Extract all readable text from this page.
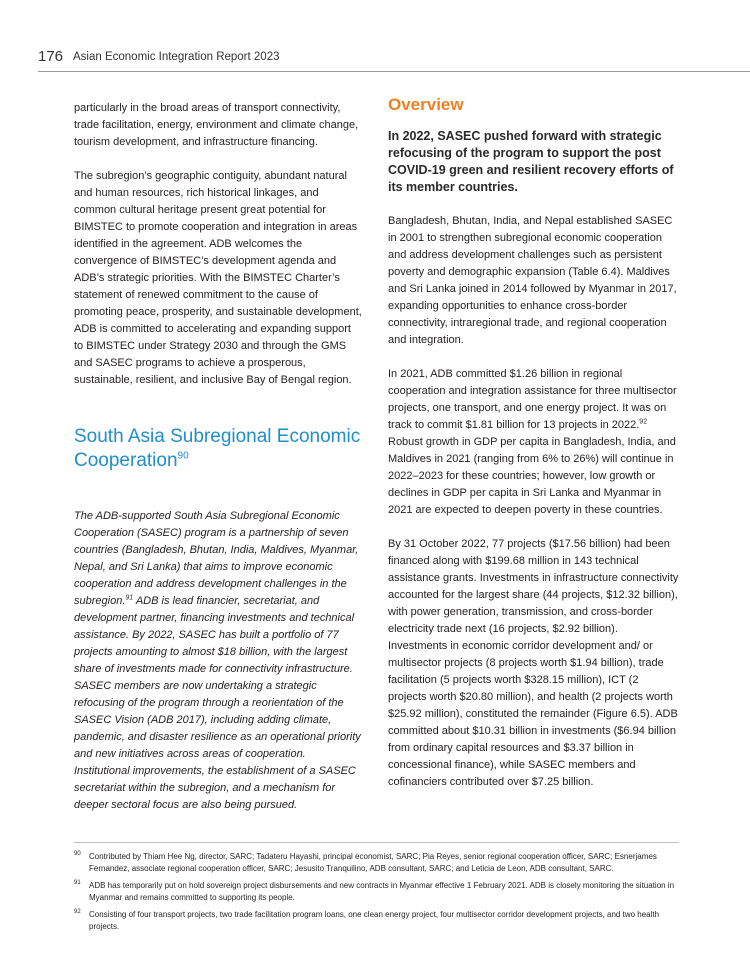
176 Asian Economic Integration Report 2023

particularly in the broad areas of transport connectivity, trade facilitation, energy, environment and climate change, tourism development, and infrastructure financing.

The subregion’s geographic contiguity, abundant natural and human resources, rich historical linkages, and common cultural heritage present great potential for BIMSTEC to promote cooperation and integration in areas identified in the agreement. ADB welcomes the convergence of BIMSTEC’s development agenda and ADB’s strategic priorities. With the BIMSTEC Charter’s statement of renewed commitment to the cause of promoting peace, prosperity, and sustainable development, ADB is committed to accelerating and expanding support to BIMSTEC under Strategy 2030 and through the GMS and SASEC programs to achieve a prosperous, sustainable, resilient, and inclusive Bay of Bengal region.

South Asia Subregional Economic Cooperation$^{90}$

The ADB-supported South Asia Subregional Economic Cooperation (SASEC) program is a partnership of seven countries (Bangladesh, Bhutan, India, Maldives, Myanmar, Nepal, and Sri Lanka) that aims to improve economic cooperation and address development challenges in the subregion.$^{91}$ ADB is lead financier, secretariat, and development partner, financing investments and technical assistance. By 2022, SASEC has built a portfolio of 77 projects amounting to almost $18 billion, with the largest share of investments made for connectivity infrastructure. SASEC members are now undertaking a strategic refocusing of the program through a reorientation of the SASEC Vision (ADB 2017), including adding climate, pandemic, and disaster resilience as an operational priority and new initiatives across areas of cooperation. Institutional improvements, the establishment of a SASEC secretariat within the subregion, and a mechanism for deeper sectoral focus are also being pursued.

Overview

In 2022, SASEC pushed forward with strategic refocusing of the program to support the post COVID-19 green and resilient recovery efforts of its member countries.

Bangladesh, Bhutan, India, and Nepal established SASEC in 2001 to strengthen subregional economic cooperation and address development challenges such as persistent poverty and demographic expansion (Table 6.4). Maldives and Sri Lanka joined in 2014 followed by Myanmar in 2017, expanding opportunities to enhance cross-border connectivity, intraregional trade, and regional cooperation and integration.

In 2021, ADB committed $1.26 billion in regional cooperation and integration assistance for three multisector projects, one transport, and one energy project. It was on track to commit $1.81 billion for 13 projects in 2022.92 Robust growth in GDP per capita in Bangladesh, India, and Maldives in 2021 (ranging from 6% to 26%) will continue in 2022–2023 for these countries; however, low growth or declines in GDP per capita in Sri Lanka and Myanmar in 2021 are expected to deepen poverty in these countries.

By 31 October 2022, 77 projects ($17.56 billion) had been financed along with $199.68 million in 143 technical assistance grants. Investments in infrastructure connectivity accounted for the largest share (44 projects, $12.32 billion), with power generation, transmission, and cross-border electricity trade next (16 projects, $2.92 billion). Investments in economic corridor development and/ or multisector projects (8 projects worth $1.94 billion), trade facilitation (5 projects worth $328.15 million), ICT (2 projects worth $20.80 million), and health (2 projects worth $25.92 million), constituted the remainder (Figure 6.5). ADB committed about $10.31 billion in investments ($6.94 billion from ordinary capital resources and $3.37 billion in concessional finance), while SASEC members and cofinanciers contributed over $7.25 billion.

90 Contributed by Thiam Hee Ng, director, SARC; Tadateru Hayashi, principal economist, SARC; Pia Reyes, senior regional cooperation officer, SARC; Esnerjames Fernandez, associate regional cooperation officer, SARC; Jesusito Tranquilino, ADB consultant, SARC; and Leticia de Leon, ADB consultant, SARC.
91 ADB has temporarily put on hold sovereign project disbursements and new contracts in Myanmar effective 1 February 2021. ADB is closely monitoring the situation in Myanmar and remains committed to supporting its people.
92 Consisting of four transport projects, two trade facilitation program loans, one clean energy project, four multisector corridor development projects, and two health projects.
